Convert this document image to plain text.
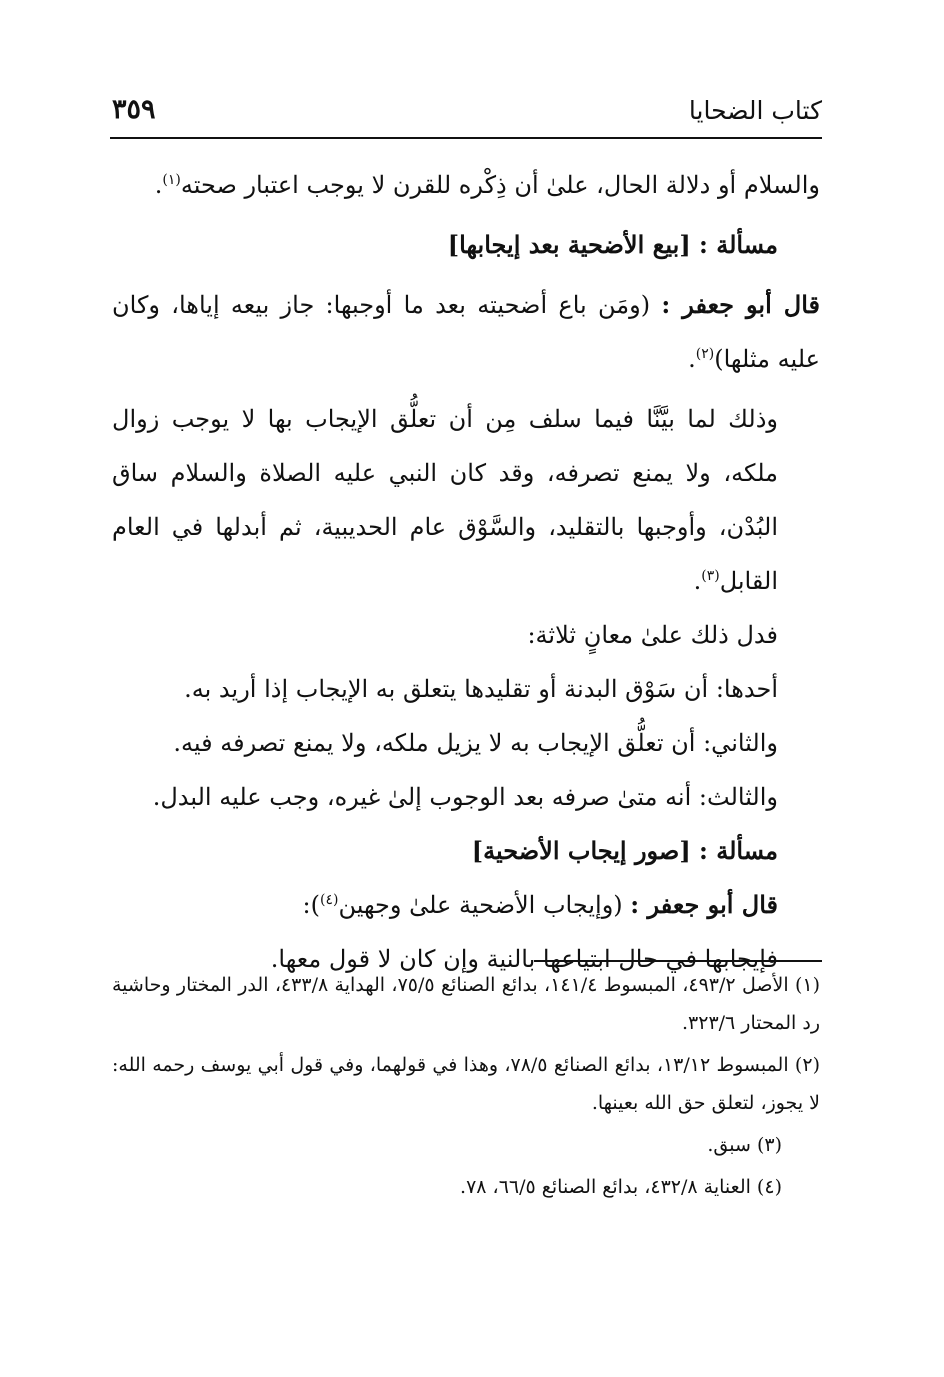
كتاب الضحايا
٣٥٩

والسلام أو دلالة الحال، علىٰ أن ذِكْره للقرن لا يوجب اعتبار صحته$^{(١)}$.

مسألة : [بيع الأضحية بعد إيجابها]

قال أبو جعفر : (ومَن باع أضحيته بعد ما أوجبها: جاز بيعه إياها، وكان عليه مثلها)$^{(٢)}$.

وذلك لما بيَّنَّا فيما سلف مِن أن تعلُّق الإيجاب بها لا يوجب زوال ملكه، ولا يمنع تصرفه، وقد كان النبي عليه الصلاة والسلام ساق البُدْن، وأوجبها بالتقليد، والسَّوْق عام الحديبية، ثم أبدلها في العام القابل$^{(٣)}$.

فدل ذلك علىٰ معانٍ ثلاثة:

أحدها: أن سَوْق البدنة أو تقليدها يتعلق به الإيجاب إذا أريد به.

والثاني: أن تعلُّق الإيجاب به لا يزيل ملكه، ولا يمنع تصرفه فيه.

والثالث: أنه متىٰ صرفه بعد الوجوب إلىٰ غيره، وجب عليه البدل.

مسألة : [صور إيجاب الأضحية]

قال أبو جعفر : (وإيجاب الأضحية علىٰ وجهين$^{(٤)}$):

فإيجابها في حال ابتياعها بالنية وإن كان لا قول معها.

(١) الأصل ٤٩٣/٢، المبسوط ١٤١/٤، بدائع الصنائع ٧٥/٥، الهداية ٤٣٣/٨، الدر المختار وحاشية رد المحتار ٣٢٣/٦.

(٢) المبسوط ١٣/١٢، بدائع الصنائع ٧٨/٥، وهذا في قولهما، وفي قول أبي يوسف رحمه الله: لا يجوز، لتعلق حق الله بعينها.

(٣) سبق.

(٤) العناية ٤٣٢/٨، بدائع الصنائع ٦٦/٥، ٧٨.
